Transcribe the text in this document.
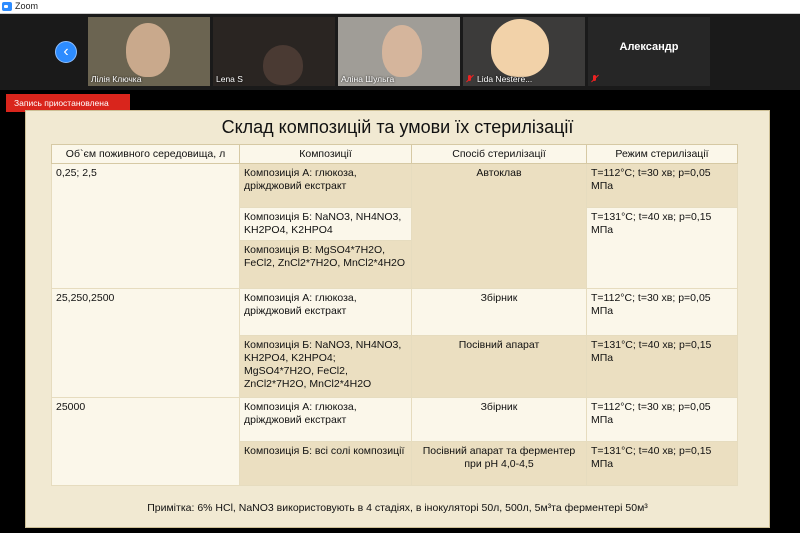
Zoom
‹
Лілія Ключка	Lena S	Аліна Шульга	Lida Nestere...
Александр
Запись приостановлена
Склад композицій та умови їх стерилізації
Об`єм поживного середовища, л	Композиції	Спосіб стерилізації	Режим стерилізації
0,25; 2,5	Композиція А: глюкоза, дріжджовий екстракт	Автоклав	T=112°C; t=30 хв; p=0,05 МПа
	Композиція Б: NaNO3, NH4NO3, KH2PO4, K2HPO4		T=131°C; t=40 хв; p=0,15 МПа
	Композиція В: MgSO4*7H2O, FeCl2, ZnCl2*7H2O, MnCl2*4H2O		
25,250,2500	Композиція А: глюкоза, дріжджовий екстракт	Збірник	T=112°C; t=30 хв; p=0,05 МПа
	Композиція Б: NaNO3, NH4NO3, KH2PO4, K2HPO4; MgSO4*7H2O, FeCl2, ZnCl2*7H2O, MnCl2*4H2O	Посівний апарат	T=131°C; t=40 хв; p=0,15 МПа
25000	Композиція А: глюкоза, дріжджовий екстракт	Збірник	T=112°C; t=30 хв; p=0,05 МПа
	Композиція Б: всі солі композиції	Посівний апарат та ферментер при pH 4,0-4,5	T=131°C; t=40 хв; p=0,15 МПа
Примітка: 6% HCl, NaNO3 використовують в 4 стадіях, в інокуляторі 50л, 500л, 5м³та ферментері 50м³
